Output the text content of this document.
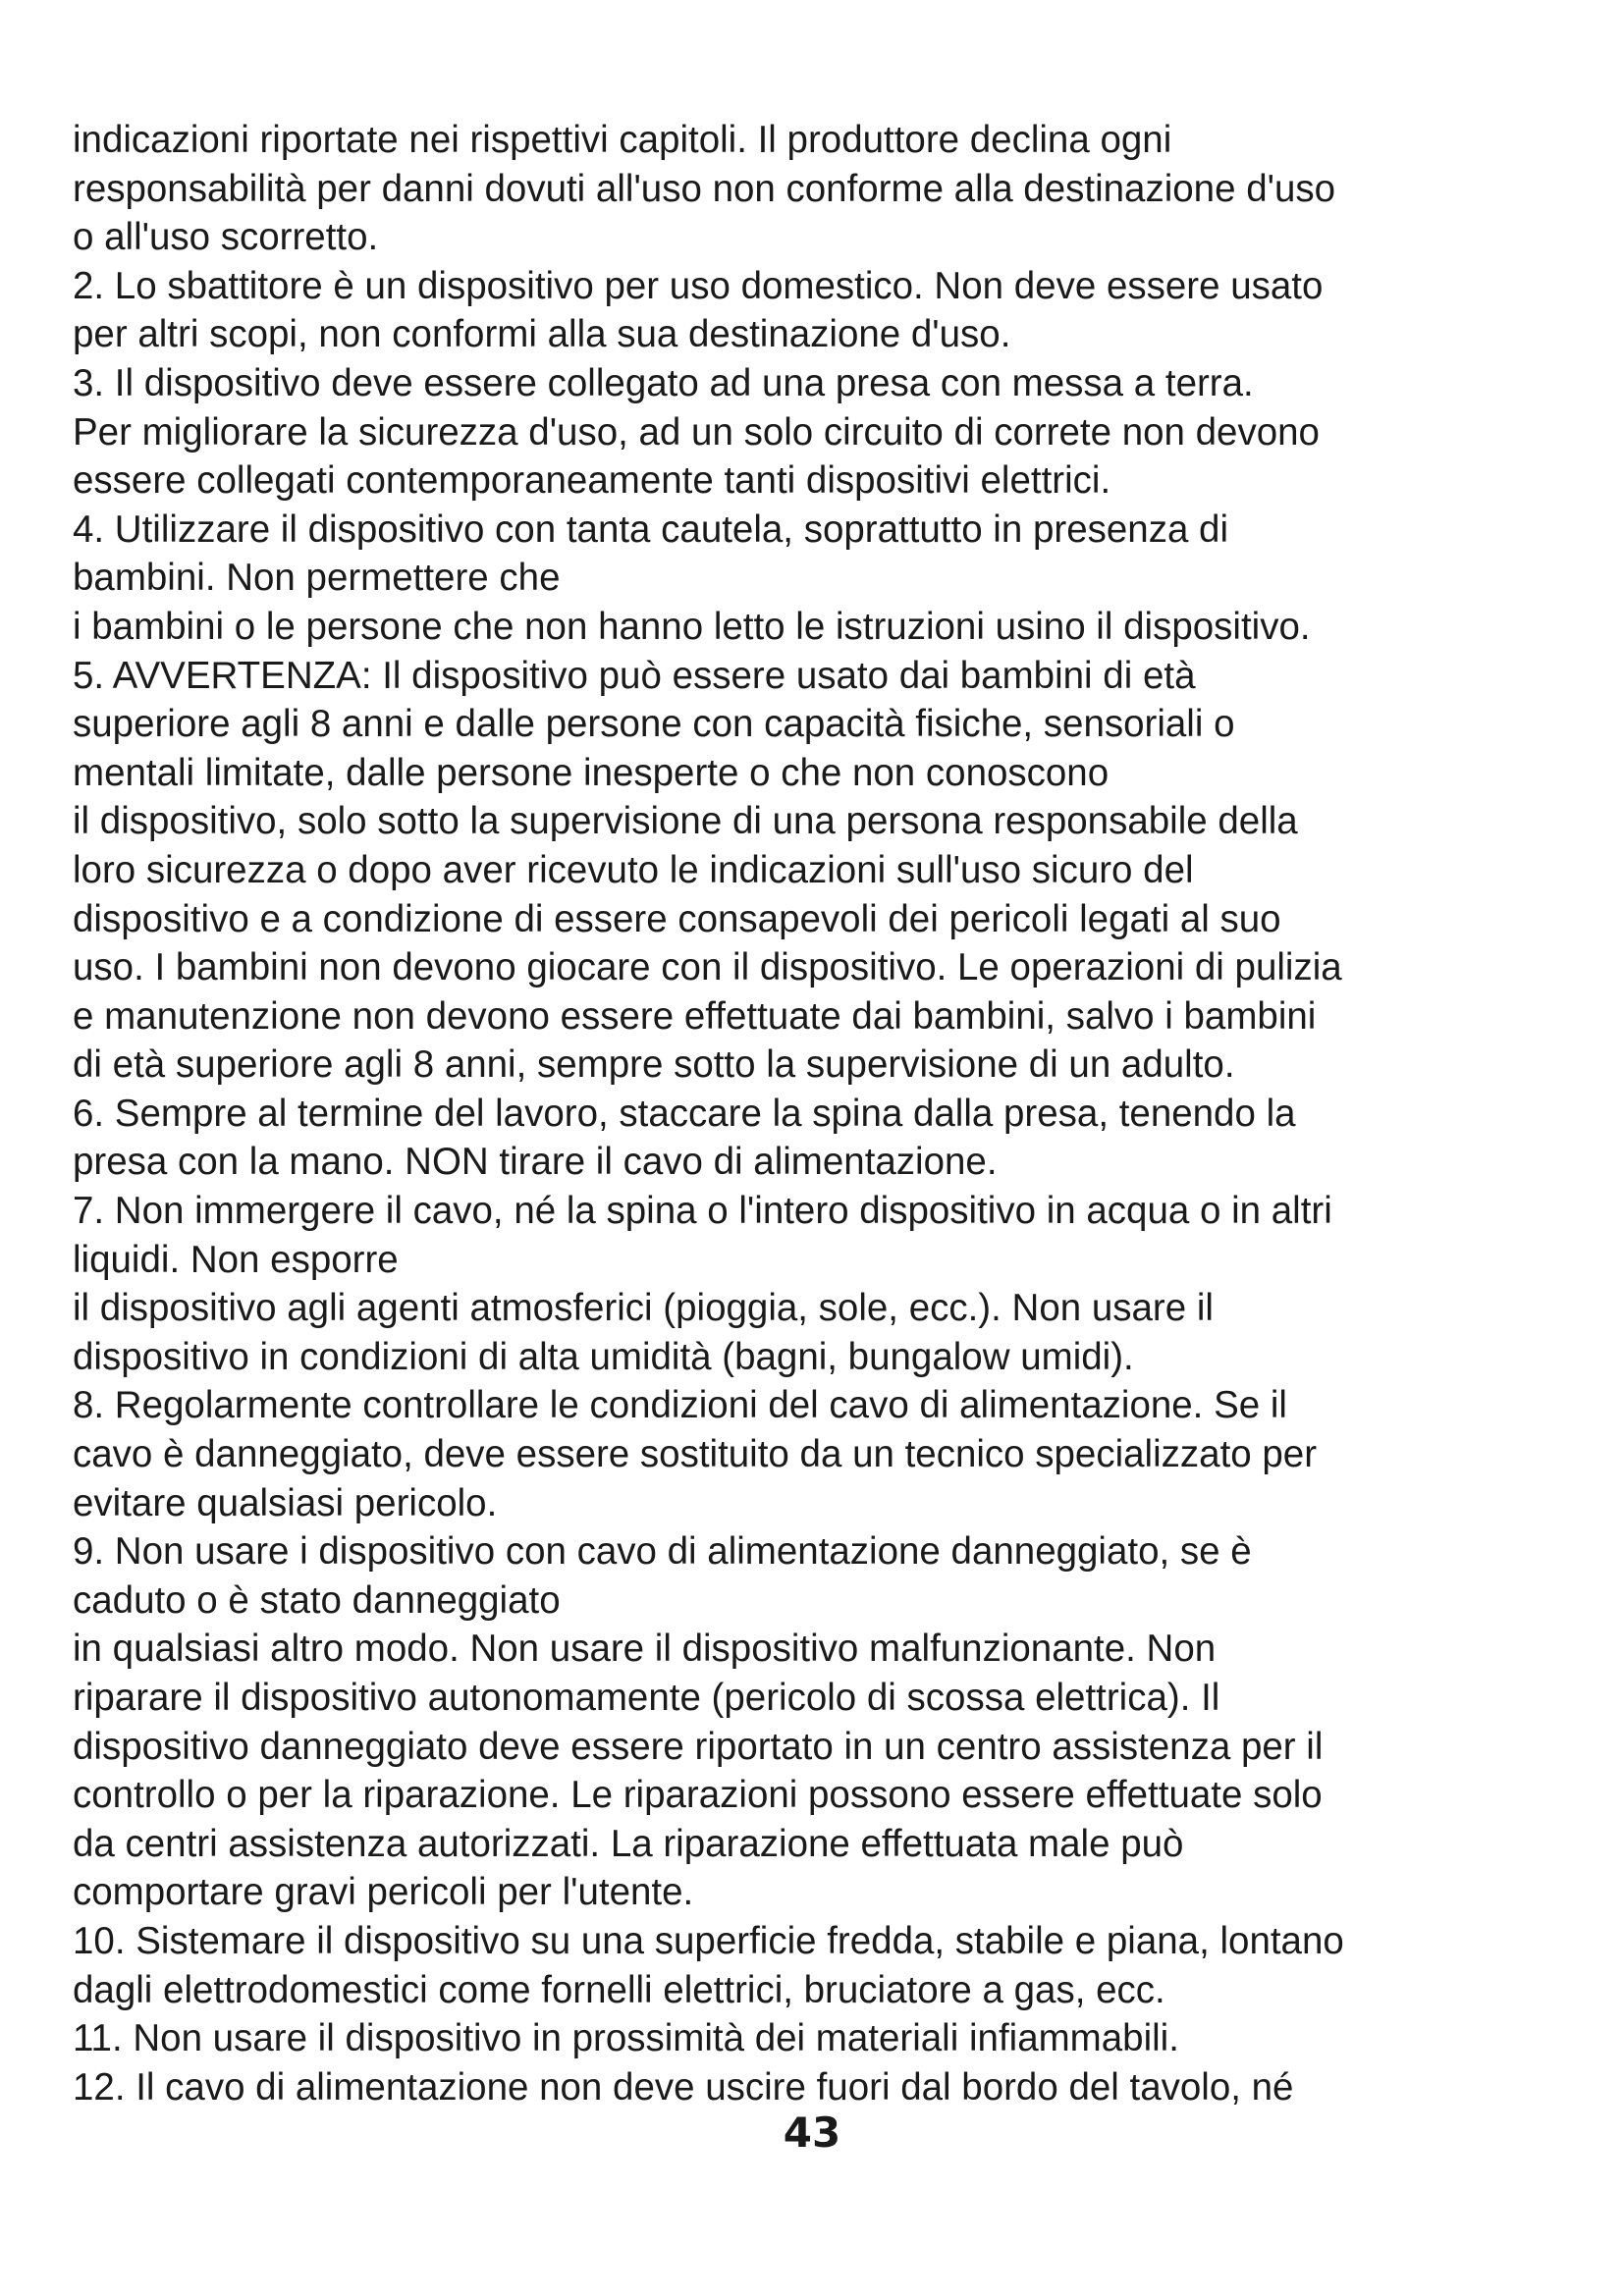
indicazioni riportate nei rispettivi capitoli. Il produttore declina ogni

responsabilità per danni dovuti all'uso non conforme alla destinazione d'uso

o all'uso scorretto.

2. Lo sbattitore è un dispositivo per uso domestico. Non deve essere usato

per altri scopi, non conformi alla sua destinazione d'uso.

3. Il dispositivo deve essere collegato ad una presa con messa a terra.

Per migliorare la sicurezza d'uso, ad un solo circuito di correte non devono

essere collegati contemporaneamente tanti dispositivi elettrici.

4. Utilizzare il dispositivo con tanta cautela, soprattutto in presenza di

bambini. Non permettere che

i bambini o le persone che non hanno letto le istruzioni usino il dispositivo.

5. AVVERTENZA: Il dispositivo può essere usato dai bambini di età

superiore agli 8 anni e dalle persone con capacità fisiche, sensoriali o

mentali limitate, dalle persone inesperte o che non conoscono

il dispositivo, solo sotto la supervisione di una persona responsabile della

loro sicurezza o dopo aver ricevuto le indicazioni sull'uso sicuro del

dispositivo e a condizione di essere consapevoli dei pericoli legati al suo

uso. I bambini non devono giocare con il dispositivo. Le operazioni di pulizia

e manutenzione non devono essere effettuate dai bambini, salvo i bambini

di età superiore agli 8 anni, sempre sotto la supervisione di un adulto.

6. Sempre al termine del lavoro, staccare la spina dalla presa, tenendo la

presa con la mano. NON tirare il cavo di alimentazione.

7. Non immergere il cavo, né la spina o l'intero dispositivo in acqua o in altri

liquidi. Non esporre

il dispositivo agli agenti atmosferici (pioggia, sole, ecc.). Non usare il

dispositivo in condizioni di alta umidità (bagni, bungalow umidi).

8. Regolarmente controllare le condizioni del cavo di alimentazione. Se il

cavo è danneggiato, deve essere sostituito da un tecnico specializzato per

evitare qualsiasi pericolo.

9. Non usare i dispositivo con cavo di alimentazione danneggiato, se è

caduto o è stato danneggiato

in qualsiasi altro modo. Non usare il dispositivo malfunzionante. Non

riparare il dispositivo autonomamente (pericolo di scossa elettrica). Il

dispositivo danneggiato deve essere riportato in un centro assistenza per il

controllo o per la riparazione. Le riparazioni possono essere effettuate solo

da centri assistenza autorizzati. La riparazione effettuata male può

comportare gravi pericoli per l'utente.

10. Sistemare il dispositivo su una superficie fredda, stabile e piana, lontano

dagli elettrodomestici come fornelli elettrici, bruciatore a gas, ecc.

11. Non usare il dispositivo in prossimità dei materiali infiammabili.

12. Il cavo di alimentazione non deve uscire fuori dal bordo del tavolo, né

43
